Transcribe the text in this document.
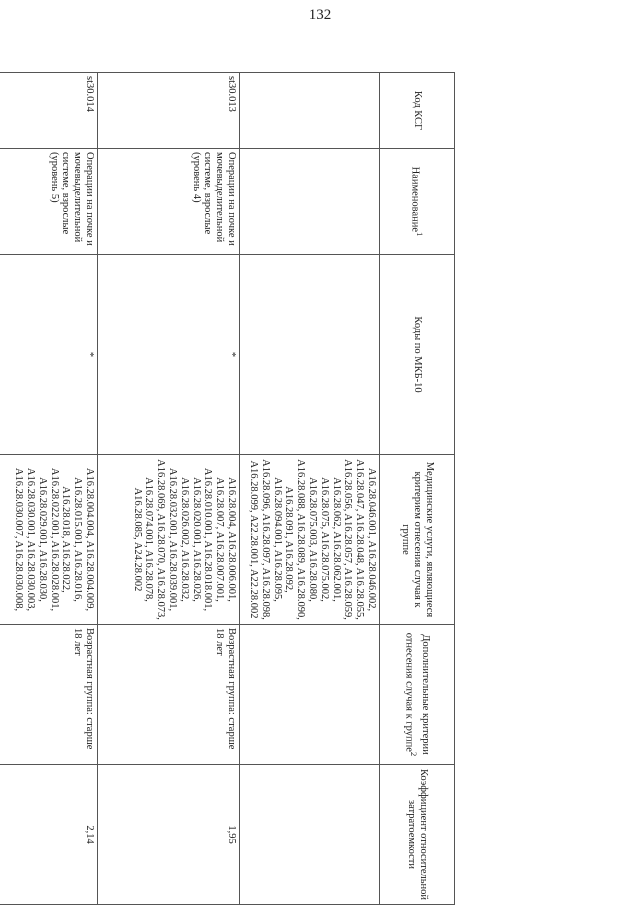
132
Код КСГ	Наименование$^1$	Коды по МКБ-10	Медицинские услуги, являющиеся критерием отнесения случая к группе	Дополнительные критерии отнесения случая к группе$^2$	Коэффициент относительной затратоемкости
			A16.28.046.001, A16.28.046.002, A16.28.047, A16.28.048, A16.28.055, A16.28.056, A16.28.057, A16.28.059, A16.28.062, A16.28.062.001, A16.28.075, A16.28.075.002, A16.28.075.003, A16.28.080, A16.28.088, A16.28.089, A16.28.090, A16.28.091, A16.28.092, A16.28.094.001, A16.28.095, A16.28.096, A16.28.097, A16.28.098, A16.28.099, A22.28.001, A22.28.002		
st30.013	Операции на почке и мочевыделительной системе, взрослые (уровень 4)	*	A16.28.004, A16.28.006.001, A16.28.007, A16.28.007.001, A16.28.010.001, A16.28.018.001, A16.28.020.001, A16.28.026, A16.28.026.002, A16.28.032, A16.28.032.001, A16.28.039.001, A16.28.069, A16.28.070, A16.28.073, A16.28.074.001, A16.28.078, A16.28.085, A24.28.002	Возрастная группа: старше 18 лет	1,95
st30.014	Операции на почке и мочевыделительной системе, взрослые (уровень 5)	*	A16.28.004.004, A16.28.004.009, A16.28.015.001, A16.28.016, A16.28.018, A16.28.022, A16.28.022.001, A16.28.028.001, A16.28.029.001, A16.28.030, A16.28.030.001, A16.28.030.003, A16.28.030.007, A16.28.030.008,	Возрастная группа: старше 18 лет	2,14
